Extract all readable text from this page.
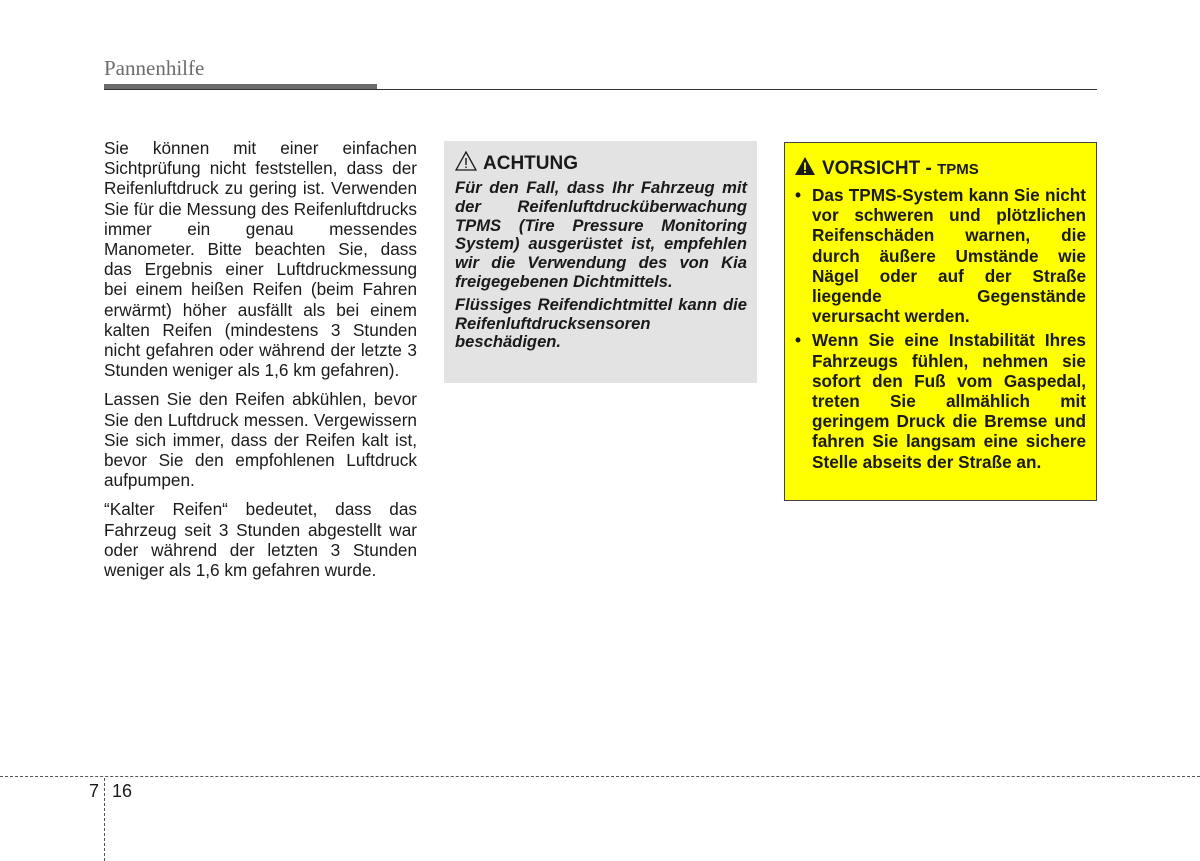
Pannenhilfe

Sie können mit einer einfachen Sichtprüfung nicht feststellen, dass der Reifenluftdruck zu gering ist. Verwenden Sie für die Messung des Reifenluftdrucks immer ein genau messendes Manometer. Bitte beachten Sie, dass das Ergebnis einer Luftdruckmessung bei einem heißen Reifen (beim Fahren erwärmt) höher ausfällt als bei einem kalten Reifen (mindestens 3 Stunden nicht gefahren oder während der letzte 3 Stunden weniger als 1,6 km gefahren).

Lassen Sie den Reifen abkühlen, bevor Sie den Luftdruck messen. Vergewissern Sie sich immer, dass der Reifen kalt ist, bevor Sie den empfohlenen Luftdruck aufpumpen.

“Kalter Reifen“ bedeutet, dass das Fahrzeug seit 3 Stunden abgestellt war oder während der letzten 3 Stunden weniger als 1,6 km gefahren wurde.

ACHTUNG

Für den Fall, dass Ihr Fahrzeug mit der Reifenluftdrucküberwachung TPMS (Tire Pressure Monitoring System) ausgerüstet ist, empfehlen wir die Verwendung des von Kia freigegebenen Dichtmittels.

Flüssiges Reifendichtmittel kann die Reifenluftdrucksensoren beschädigen.

VORSICHT - TPMS
• Das TPMS-System kann Sie nicht vor schweren und plötzlichen Reifenschäden warnen, die durch äußere Umstände wie Nägel oder auf der Straße liegende Gegenstände verursacht werden.
• Wenn Sie eine Instabilität Ihres Fahrzeugs fühlen, nehmen sie sofort den Fuß vom Gaspedal, treten Sie allmählich mit geringem Druck die Bremse und fahren Sie langsam eine sichere Stelle abseits der Straße an.
7 16
